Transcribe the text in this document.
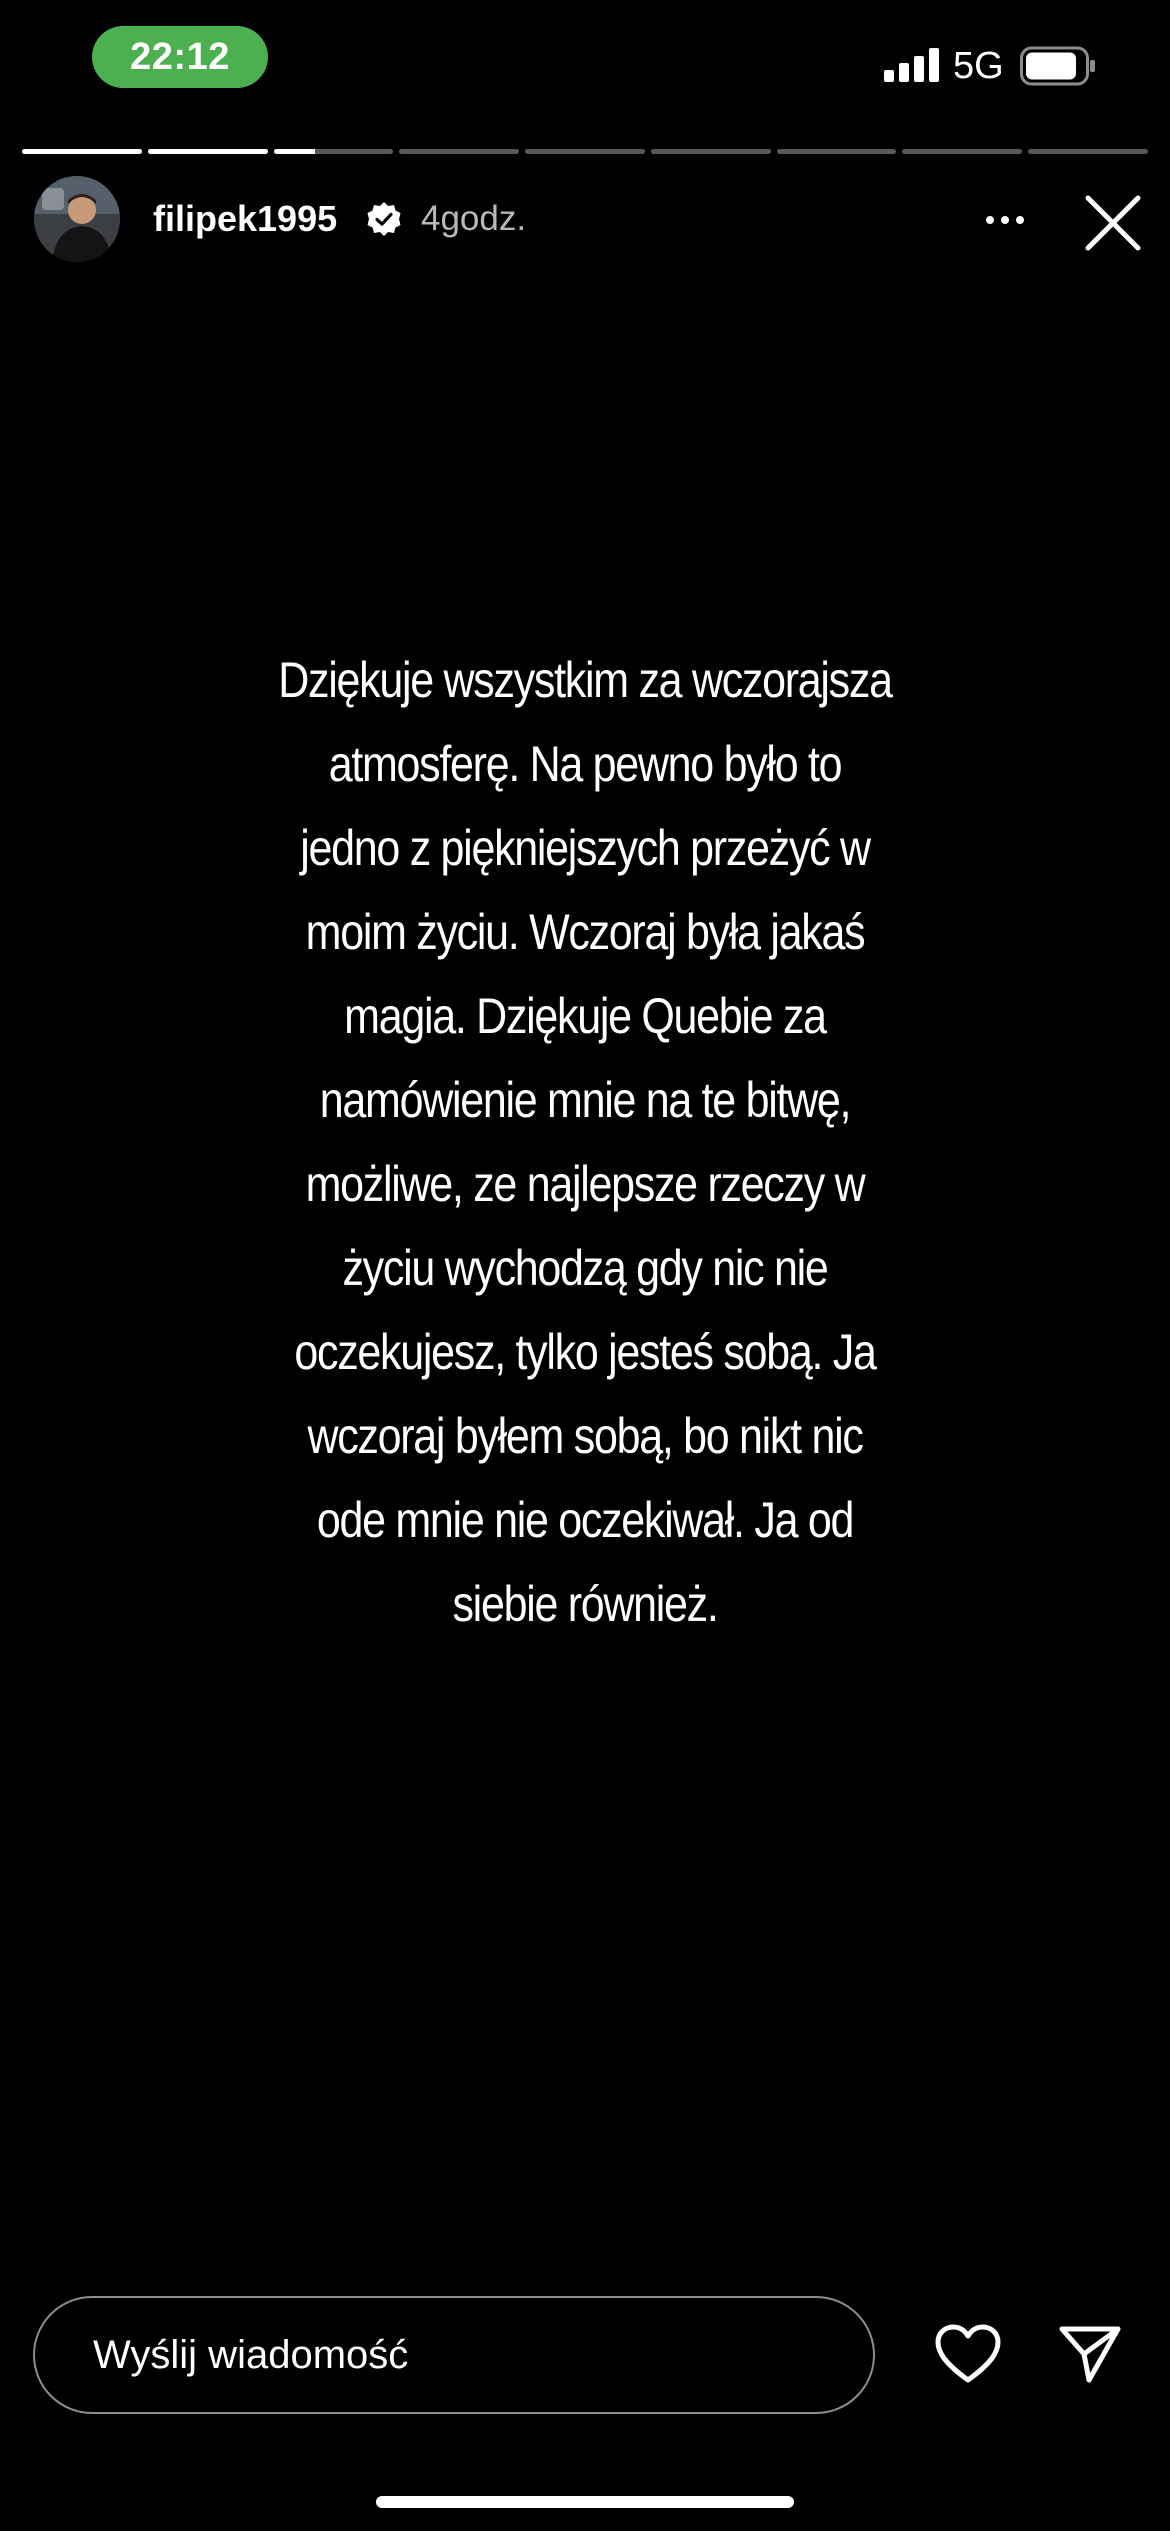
22:12	5G
filipek1995 4godz.
Dziękuje wszystkim za wczorajsza
atmosferę. Na pewno było to
jedno z piękniejszych przeżyć w
moim życiu. Wczoraj była jakaś
magia. Dziękuje Quebie za
namówienie mnie na te bitwę,
możliwe, ze najlepsze rzeczy w
życiu wychodzą gdy nic nie
oczekujesz, tylko jesteś sobą. Ja
wczoraj byłem sobą, bo nikt nic
ode mnie nie oczekiwał. Ja od
siebie również.
Wyślij wiadomość
